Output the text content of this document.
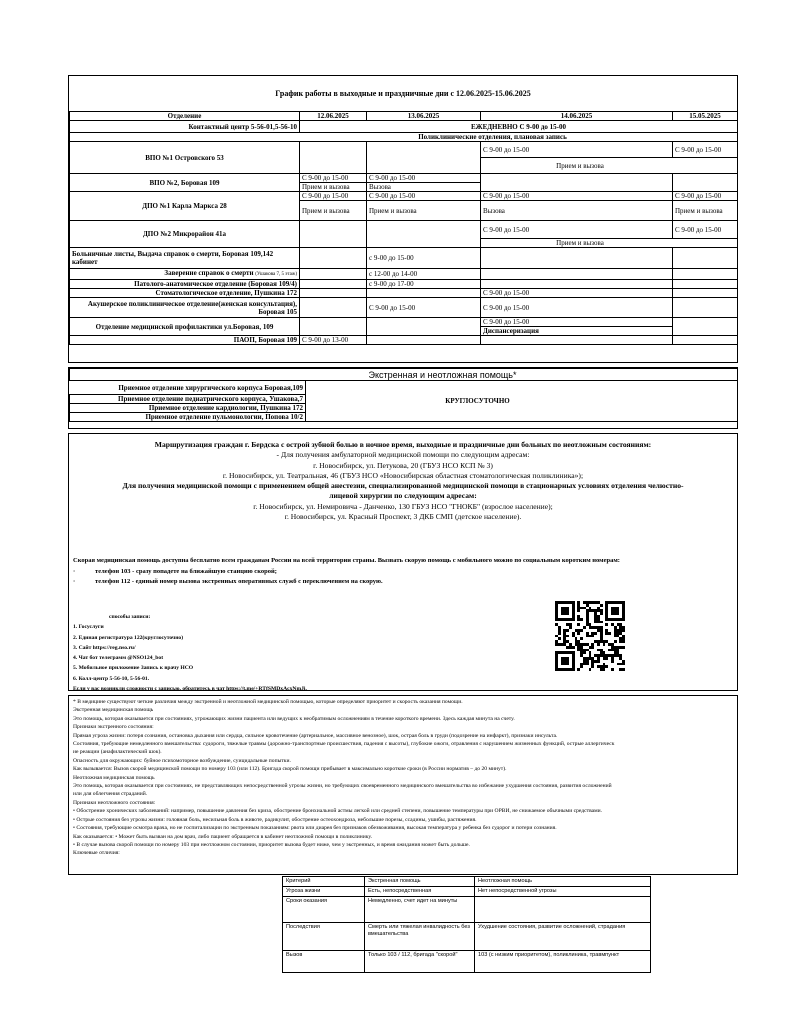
График работы в выходные и праздничные дни с 12.06.2025-15.06.2025
Отделение	12.06.2025	13.06.2025	14.06.2025	15.05.2025
Контактный центр 5-56-01,5-56-10	ЕЖЕДНЕВНО С 9-00 до 15-00			
Поликлинические отделения, плановая запись				
ВПО №1 Островского 53			С 9-00 до 15-00	С 9-00 до 15-00
			Прием и вызова	
ВПО №2, Боровая 109	С 9-00 до 15-00	С 9-00 до 15-00		
	Прием и вызова	Вызова		
ДПО №1 Карла Маркса 28	С 9-00 до 15-00	С 9-00 до 15-00	С 9-00 до 15-00	С 9-00 до 15-00
	Прием и вызова	Прием и вызова	Вызова	Прием и вызова
ДПО №2 Микрорайон 41а			С 9-00 до 15-00	С 9-00 до 15-00
			Прием и вызова	

Больничные листы, Выдача справок о смерти, Боровая 109,142
кабинет		с 9-00 до 15-00		
Заверение справок о смерти (Ушакова 7, 5 этаж)		с 12-00 до 14-00		
Патолого-анатомическое отделение (Боровая 109/4)		с 9-00 до 17-00		
Стоматологическое отделение, Пушкина 172			С 9-00 до 15-00	

Акушерское поликлиническое отделение(женская консультация),
Боровая 105		С 9-00 до 15-00	С 9-00 до 15-00	
Отделение медицинской профилактики ул.Боровая, 109			С 9-00 до 15-00	
			Диспансеризация	
ПАОП, Боровая 109	С 9-00 до 13-00			
Экстренная и неотложная помощь*
Приемное отделение хирургического корпуса Боровая,109	КРУГЛОСУТОЧНО
Приемное отделение педиатрического корпуса, Ушакова,7
Приемное отделение кардиологии, Пушкина 172
Приемное отделение пульмонологии, Попова 10/2
Маршрутизация граждан г. Бердска с острой зубной болью в ночное время, выходные и праздничные дни больных по неотложным состояниям:
- Для получения амбулаторной медицинской помощи по следующим адресам:
г. Новосибирск, ул. Петукова, 20 (ГБУЗ НСО КСП № 3)
г. Новосибирск, ул. Театральная, 46 (ГБУЗ НСО «Новосибирская областная стоматологическая поликлиника»);
Для получения медицинской помощи с применением общей анестезии, специализированной медицинской помощи в стационарных условиях отделения челюстно-
лицевой хирургии по следующим адресам:
г. Новосибирск, ул. Немировича - Данченко, 130 ГБУЗ НСО "ГНОКБ" (взрослое население);
г. Новосибирск, ул. Красный Проспект, 3 ДКБ СМП (детское население).
Скорая медицинская помощь доступна бесплатно всем гражданам России на всей территории страны. Вызвать скорую помощь с мобильного можно по социальным коротким номерам:
·	телефон 103 - сразу попадете на ближайшую станцию скорой;
·	телефон 112 - единый номер вызова экстренных оперативных служб с переключением на скорую.
способы записи:
1. Госуслуги
2. Единая регистратура 122(круглосуточно)
3. Сайт https://reg.nso.ru/
4. Чат бот телеграмм @NSO124_bot
5. Мобильное приложение Запись к врачу НСО
6. Колл-центр 5-56-10, 5-56-01.
Если у вас возникли сложности с записью, обратитесь в чат https://t.me/+RTfSMDxAcxNmJi.
* В медицине существуют четкие различия между экстренной и неотложной медицинской помощью, которые определяют приоритет и скорость оказания помощи.
Экстренная медицинская помощь
Это помощь, которая оказывается при состояниях, угрожающих жизни пациента или ведущих к необратимым осложнениям в течение короткого времени. Здесь каждая минута на счету.
Признаки экстренного состояния:
Прямая угроза жизни: потеря сознания, остановка дыхания или сердца, сильное кровотечение (артериальное, массивное венозное), шок, острая боль в груди (подозрение на инфаркт), признаки инсульта.
Состояния, требующие немедленного вмешательства: судороги, тяжелые травмы (дорожно-транспортные происшествия, падения с высоты), глубокие ожоги, отравления с нарушением жизненных функций, острые аллергическ
ие реакции (анафилактический шок).
Опасность для окружающих: буйное психомоторное возбуждение, суицидальные попытки.
Как вызывается: Вызов скорой медицинской помощи по номеру 103 (или 112). Бригада скорой помощи прибывает в максимально короткие сроки (в России норматив – до 20 минут).
Неотложная медицинская помощь
Это помощь, которая оказывается при состояниях, не представляющих непосредственной угрозы жизни, но требующих своевременного медицинского вмешательства во избежание ухудшения состояния, развития осложнений
или для облегчения страданий.
Признаки неотложного состояния:
• Обострение хронических заболеваний: например, повышение давления без криза, обострение бронхиальной астмы легкой или средней степени, повышение температуры при ОРВИ, не снижаемое обычными средствами.
• Острые состояния без угрозы жизни: головная боль, несильная боль в животе, радикулит, обострение остеохондроза, небольшие порезы, ссадины, ушибы, растяжения.
• Состояния, требующие осмотра врача, но не госпитализации по экстренным показаниям: рвота или диарея без признаков обезвоживания, высокая температура у ребенка без судорог и потери сознания.
Как оказывается: • Может быть вызван на дом врач, либо пациент обращается в кабинет неотложной помощи в поликлинику.
• В случае вызова скорой помощи по номеру 103 при неотложном состоянии, приоритет вызова будет ниже, чем у экстренных, и время ожидания может быть дольше.
Ключевые отличия:
Критерий	Экстренная помощь	Неотложная помощь
Угроза жизни	Есть, непосредственная	Нет непосредственной угрозы
Сроки оказания	Немедленно, счет идет на минуты	
Последствия	Смерть или тяжелая инвалидность без вмешательства	Ухудшение состояния, развитие осложнений, страдания
Вызов	Только 103 / 112, бригада "скорой"	103 (с низким приоритетом), поликлиника, травмпункт
